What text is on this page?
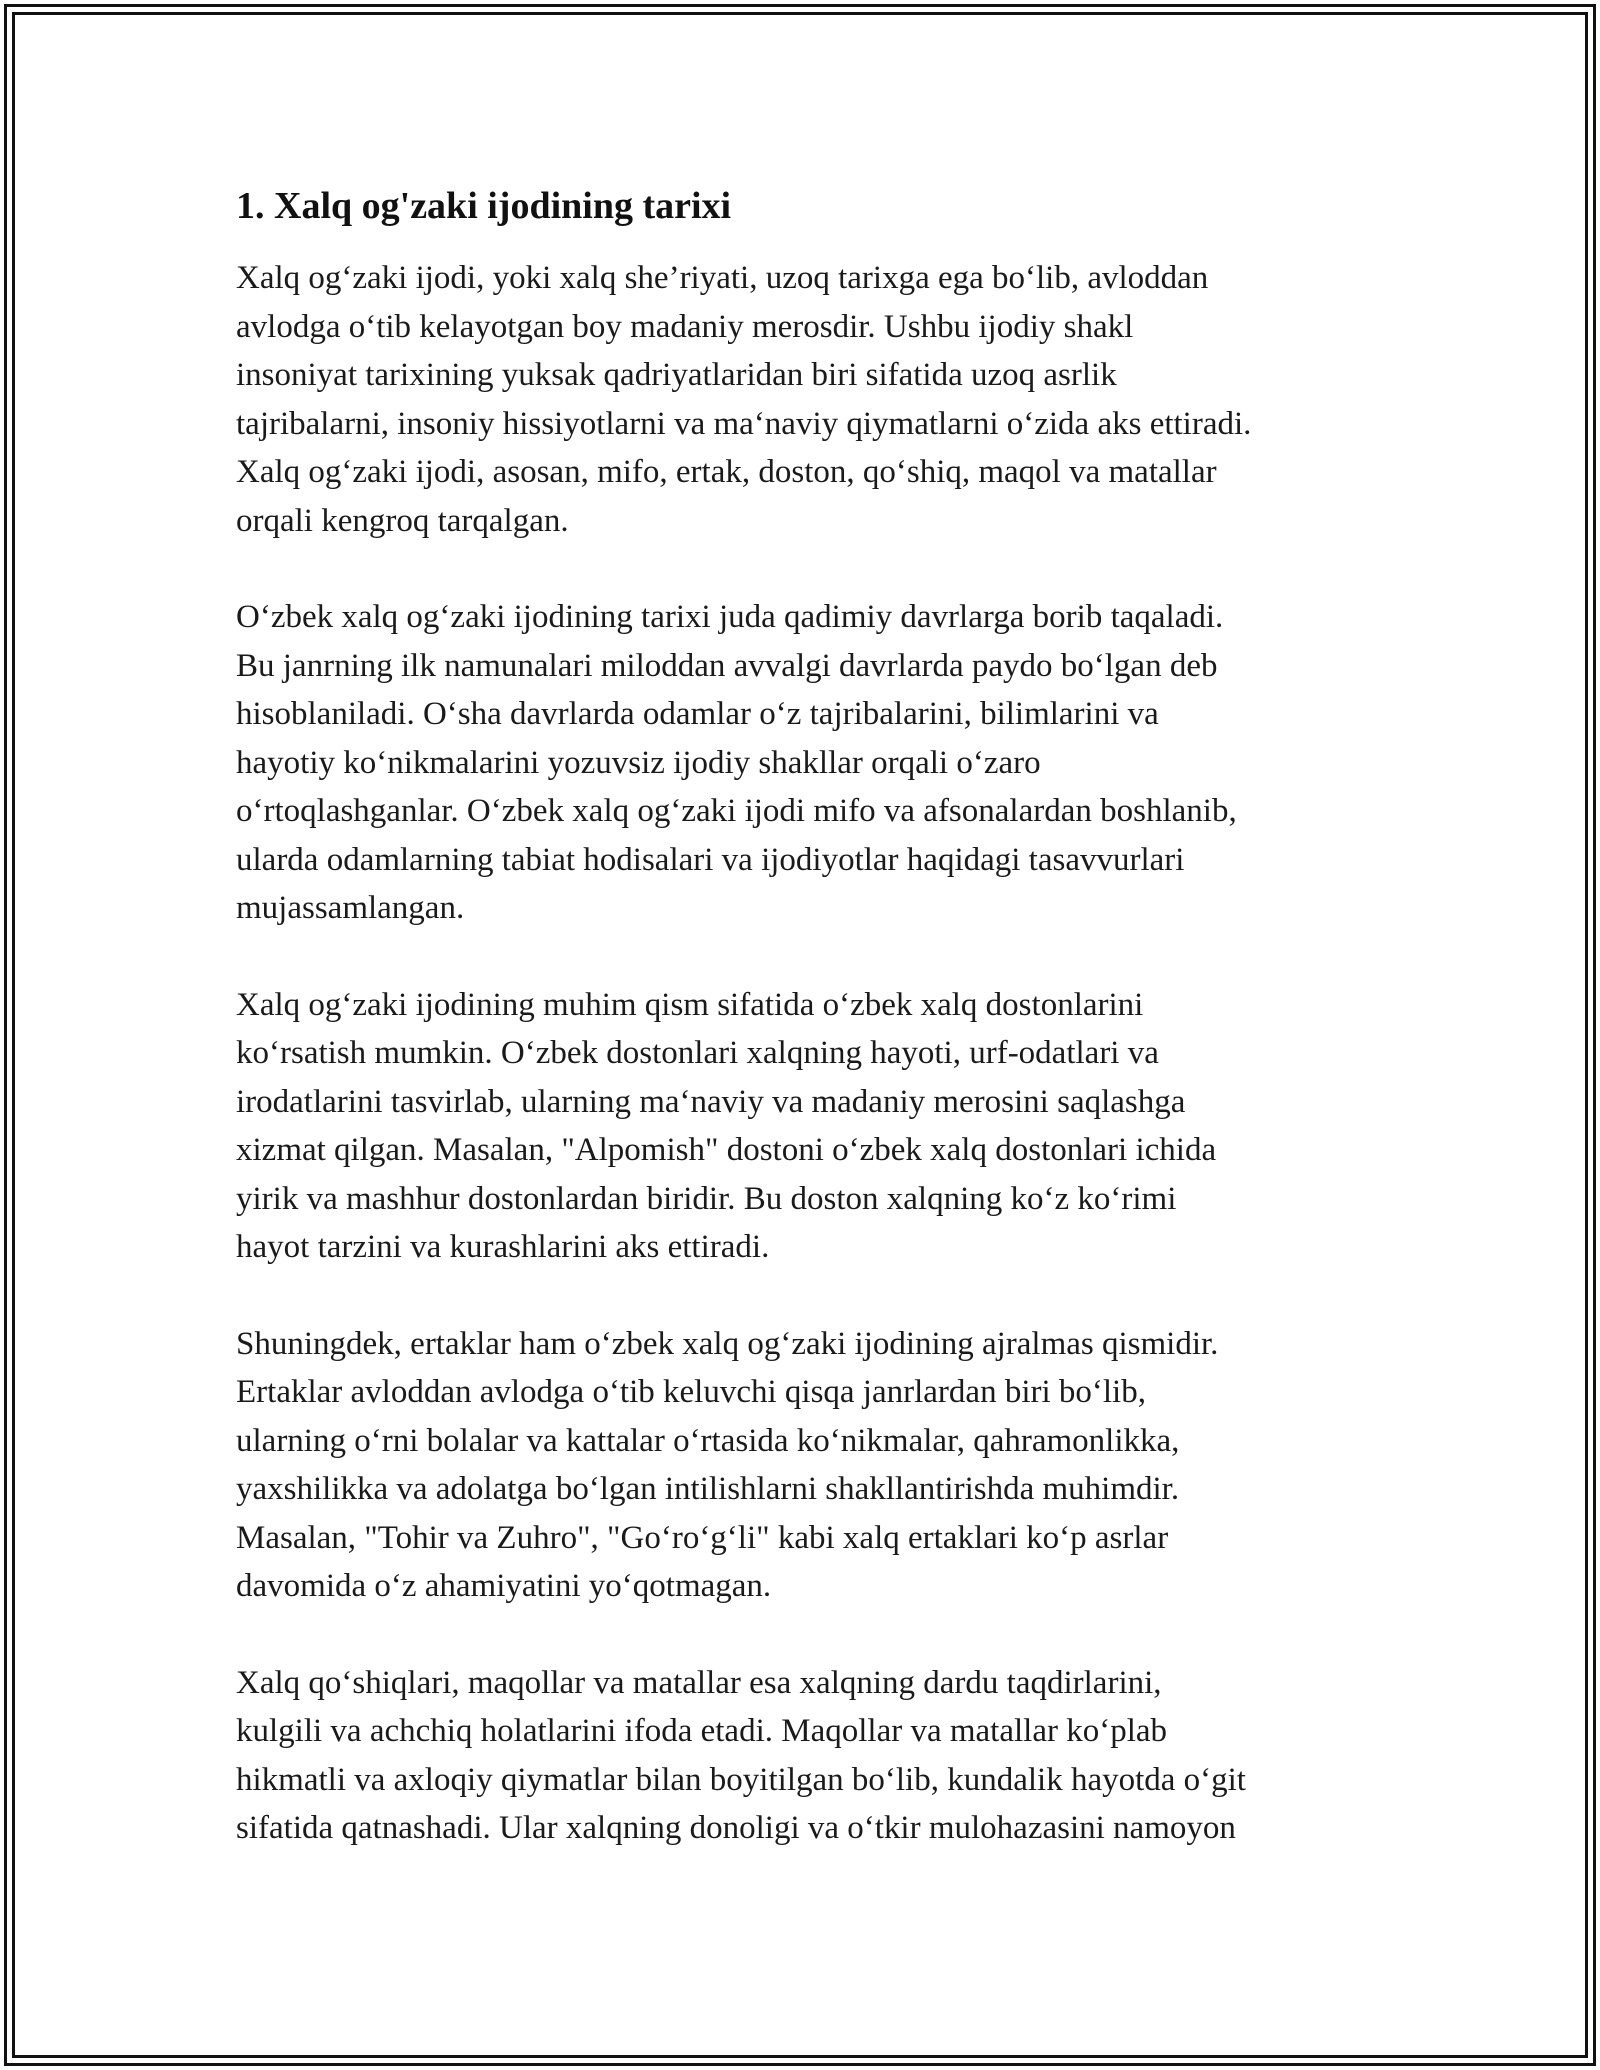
1. Xalq og'zaki ijodining tarixi
Xalq og‘zaki ijodi, yoki xalq she’riyati, uzoq tarixga ega bo‘lib, avloddan
avlodga o‘tib kelayotgan boy madaniy merosdir. Ushbu ijodiy shakl
insoniyat tarixining yuksak qadriyatlaridan biri sifatida uzoq asrlik
tajribalarni, insoniy hissiyotlarni va ma‘naviy qiymatlarni o‘zida aks ettiradi.
Xalq og‘zaki ijodi, asosan, mifo, ertak, doston, qo‘shiq, maqol va matallar
orqali kengroq tarqalgan.
O‘zbek xalq og‘zaki ijodining tarixi juda qadimiy davrlarga borib taqaladi.
Bu janrning ilk namunalari miloddan avvalgi davrlarda paydo bo‘lgan deb
hisoblaniladi. O‘sha davrlarda odamlar o‘z tajribalarini, bilimlarini va
hayotiy ko‘nikmalarini yozuvsiz ijodiy shakllar orqali o‘zaro
o‘rtoqlashganlar. O‘zbek xalq og‘zaki ijodi mifo va afsonalardan boshlanib,
ularda odamlarning tabiat hodisalari va ijodiyotlar haqidagi tasavvurlari
mujassamlangan.
Xalq og‘zaki ijodining muhim qism sifatida o‘zbek xalq dostonlarini
ko‘rsatish mumkin. O‘zbek dostonlari xalqning hayoti, urf-odatlari va
irodatlarini tasvirlab, ularning ma‘naviy va madaniy merosini saqlashga
xizmat qilgan. Masalan, "Alpomish" dostoni o‘zbek xalq dostonlari ichida
yirik va mashhur dostonlardan biridir. Bu doston xalqning ko‘z ko‘rimi
hayot tarzini va kurashlarini aks ettiradi.
Shuningdek, ertaklar ham o‘zbek xalq og‘zaki ijodining ajralmas qismidir.
Ertaklar avloddan avlodga o‘tib keluvchi qisqa janrlardan biri bo‘lib,
ularning o‘rni bolalar va kattalar o‘rtasida ko‘nikmalar, qahramonlikka,
yaxshilikka va adolatga bo‘lgan intilishlarni shakllantirishda muhimdir.
Masalan, "Tohir va Zuhro", "Go‘ro‘g‘li" kabi xalq ertaklari ko‘p asrlar
davomida o‘z ahamiyatini yo‘qotmagan.
Xalq qo‘shiqlari, maqollar va matallar esa xalqning dardu taqdirlarini,
kulgili va achchiq holatlarini ifoda etadi. Maqollar va matallar ko‘plab
hikmatli va axloqiy qiymatlar bilan boyitilgan bo‘lib, kundalik hayotda o‘git
sifatida qatnashadi. Ular xalqning donoligi va o‘tkir mulohazasini namoyon
